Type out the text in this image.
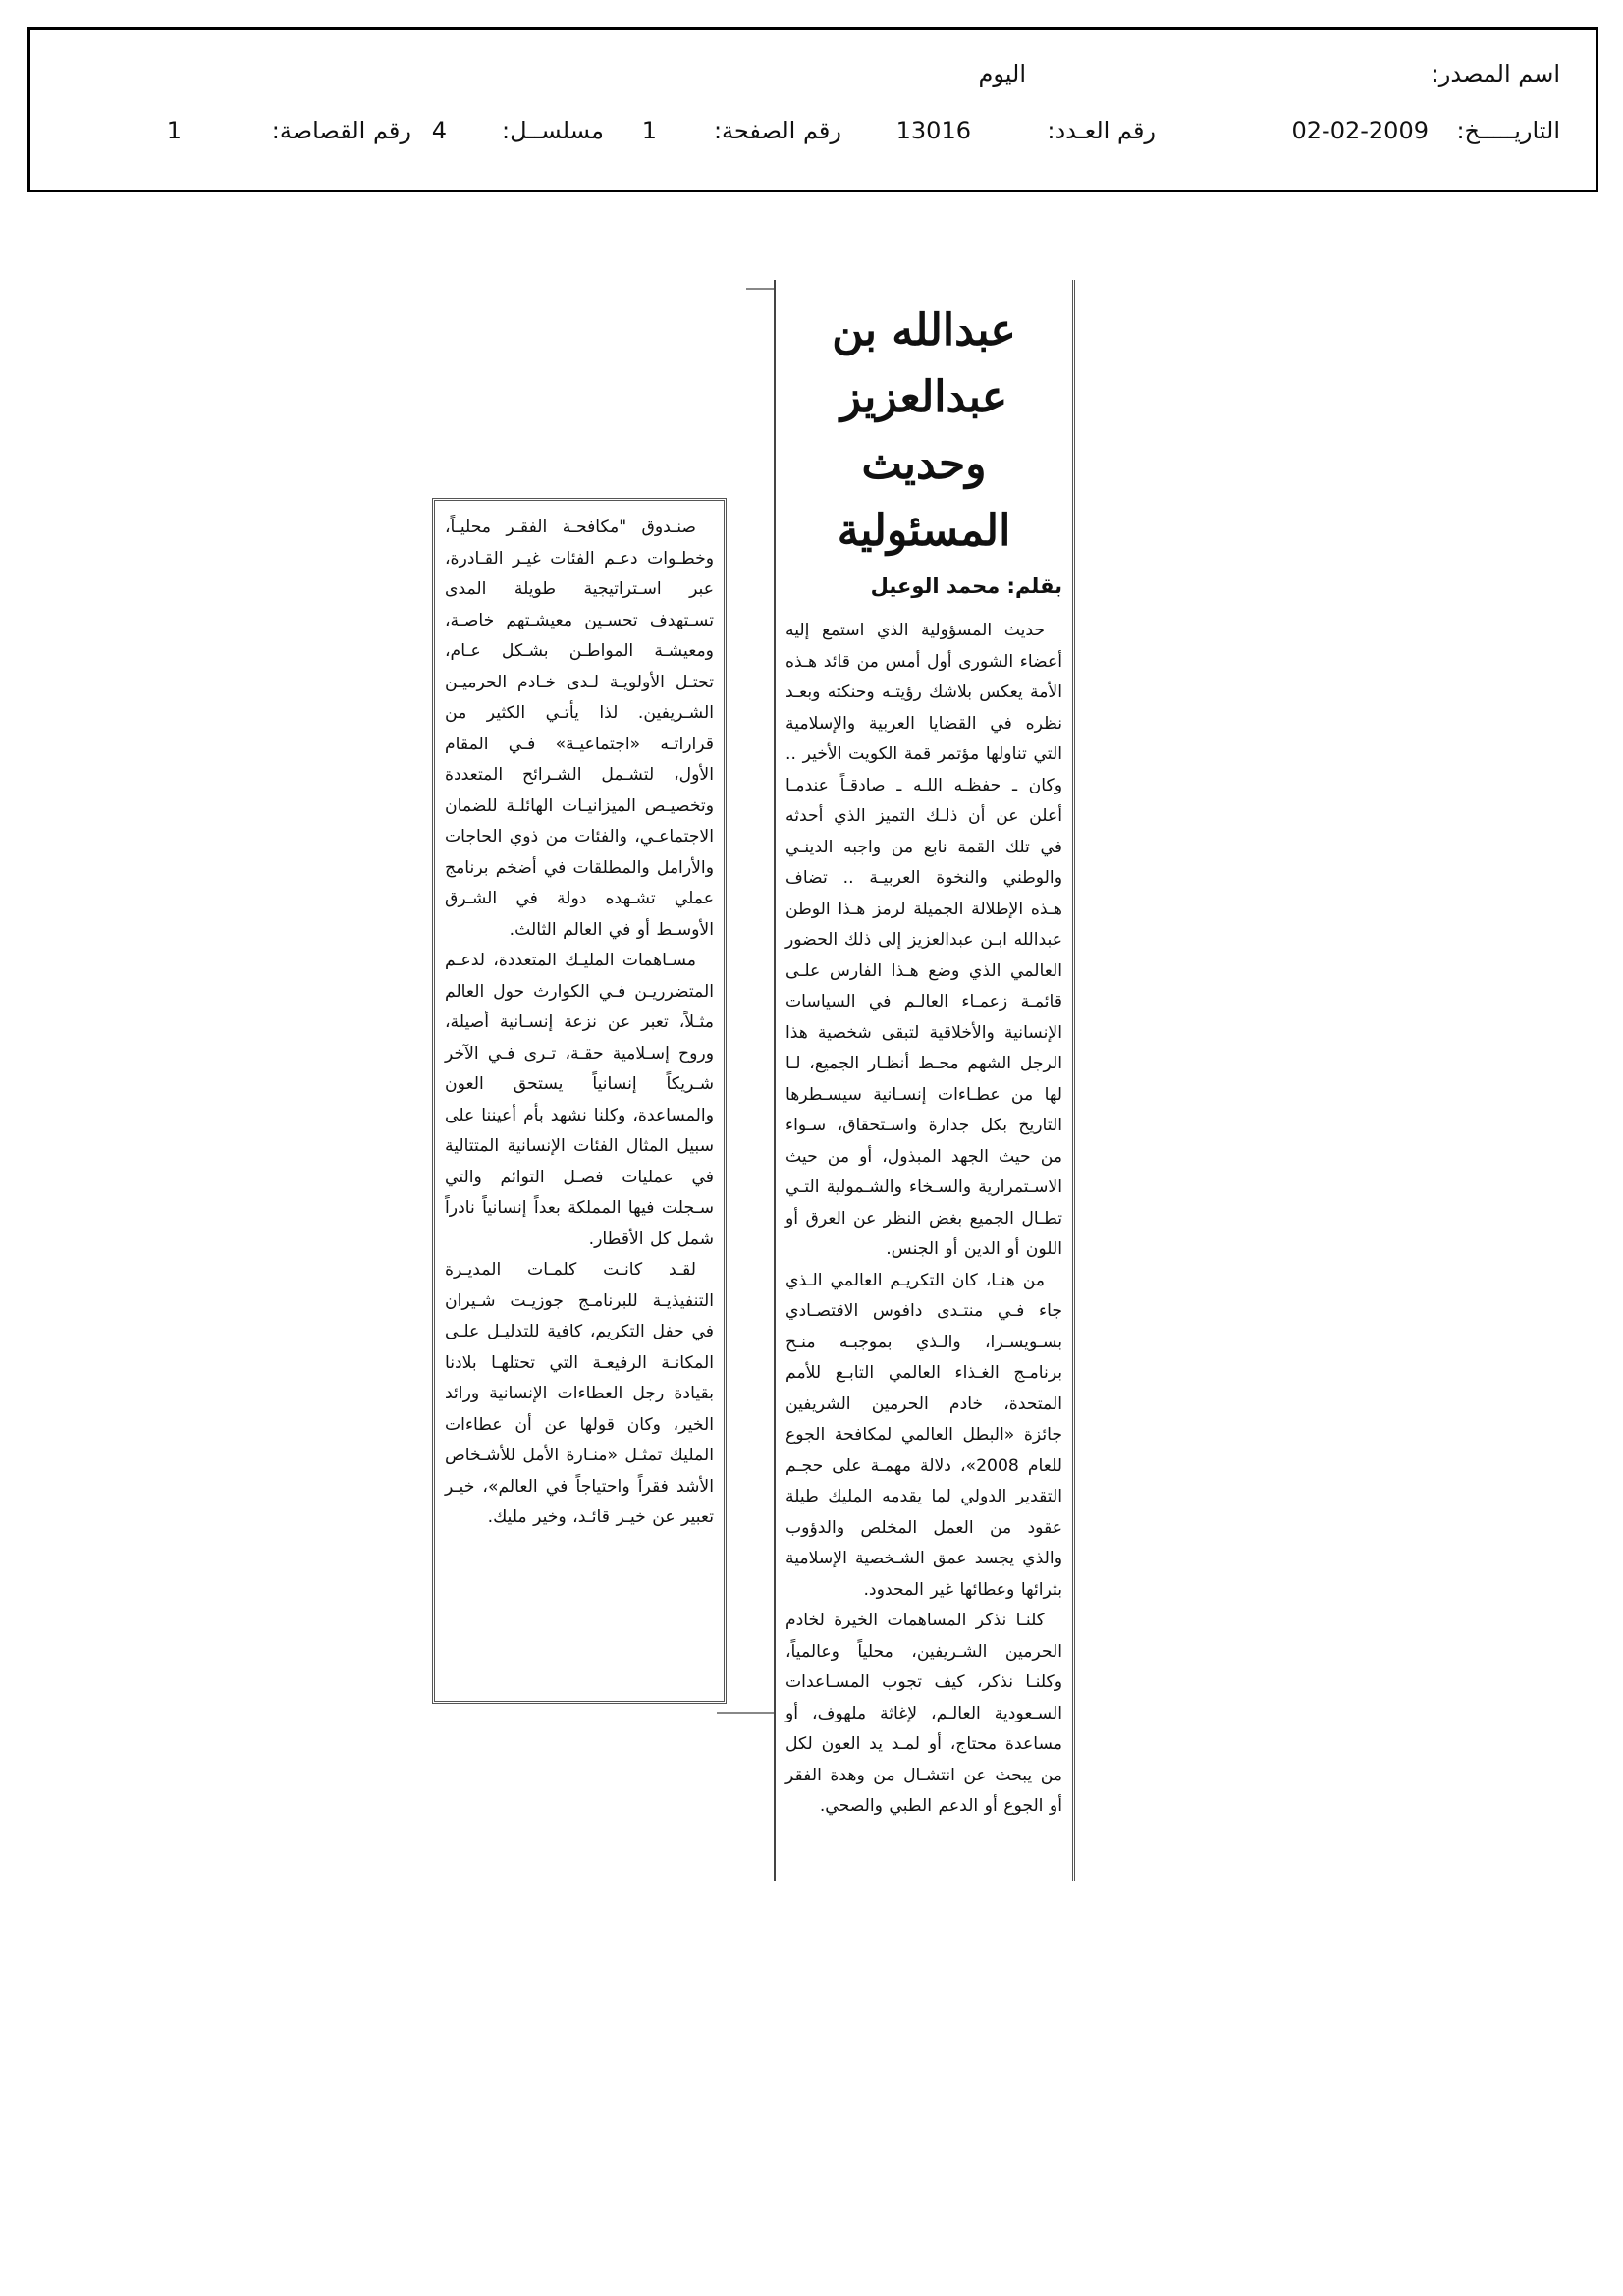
اسم المصدر:
اليوم
التاريـــــخ:
02-02-2009
رقم العـدد:
13016
رقم الصفحة:
1
مسلســل:
4
رقم القصاصة:
1
عبدالله بن عبدالعزيز
وحديث المسئولية
بقلم: محمد الوعيل

حديث المسؤولية الذي استمع إليه أعضاء الشورى أول أمس من قائد هـذه الأمة يعكس بلاشك رؤيتـه وحنكته وبعـد نظره في القضايا العربية والإسلامية التي تناولها مؤتمر قمة الكويت الأخير .. وكان ـ حفظـه اللـه ـ صادقـاً عندمـا أعلن عن أن ذلـك التميز الذي أحدثه في تلك القمة نابع من واجبه الدينـي والوطني والنخوة العربيـة .. تضاف هـذه الإطلالة الجميلة لرمز هـذا الوطن عبدالله ابـن عبدالعزيز إلى ذلك الحضور العالمي الذي وضع هـذا الفارس علـى قائمـة زعمـاء العالـم في السياسات الإنسانية والأخلاقية لتبقى شخصية هذا الرجل الشهم محـط أنظـار الجميع، لـا لها من عطـاءات إنسـانية سيسـطرها التاريخ بكل جدارة واسـتحقاق، سـواء من حيث الجهد المبذول، أو من حيث الاسـتمرارية والسـخاء والشـمولية التـي تطـال الجميع بغض النظر عن العرق أو اللون أو الدين أو الجنس.

من هنـا، كان التكريـم العالمي الـذي جاء فـي منتـدى دافوس الاقتصـادي بسـويسـرا، والـذي بموجبـه منـح برنامـج الغـذاء العالمي التابـع للأمم المتحدة، خادم الحرمين الشريفين جائزة «البطل العالمي لمكافحة الجوع للعام 2008»، دلالة مهمـة على حجـم التقدير الدولي لما يقدمه المليك طيلة عقود من العمل المخلص والدؤوب والذي يجسد عمق الشـخصية الإسلامية بثرائها وعطائها غير المحدود.

كلنـا نذكر المساهمات الخيرة لخادم الحرمين الشـريفين، محلياً وعالمياً، وكلنـا نذكر، كيف تجوب المسـاعدات السـعودية العالـم، لإغاثة ملهوف، أو مساعدة محتاج، أو لمـد يد العون لكل من يبحث عن انتشـال من وهدة الفقر أو الجوع أو الدعم الطبي والصحي.

صنـدوق "مكافحـة الفقـر محليـاً، وخطـوات دعـم الفئات غيـر القـادرة، عبر اسـتراتيجية طويلة المدى تسـتهدف تحسـين معيشـتهم خاصـة، ومعيشـة المواطـن بشـكل عـام، تحتـل الأولويـة لـدى خـادم الحرميـن الشـريفين. لذا يأتـي الكثير من قراراتـه «اجتماعيـة» فـي المقام الأول، لتشـمل الشـرائح المتعددة وتخصيـص الميزانيـات الهائلـة للضمان الاجتماعـي، والفئات من ذوي الحاجات والأرامل والمطلقات في أضخم برنامج عملي تشـهده دولة في الشـرق الأوسـط أو في العالم الثالث.

مسـاهمات المليـك المتعددة، لدعـم المتضرريـن فـي الكوارث حول العالم مثـلاً، تعبر عن نزعة إنسـانية أصيلة، وروح إسـلامية حقـة، تـرى فـي الآخر شـريكاً إنسانياً يستحق العون والمساعدة، وكلنا نشهد بأم أعيننا على سبيل المثال الفئات الإنسانية المتتالية في عمليات فصـل التوائم والتي سـجلت فيها المملكة بعداً إنسانياً نادراً شمل كل الأقطار.

لقـد كانـت كلمـات المديـرة التنفيذيـة للبرنامـج جوزيـت شـيران في حفل التكريم، كافية للتدليـل علـى المكانـة الرفيعـة التي تحتلهـا بلادنا بقيادة رجل العطاءات الإنسانية ورائد الخير، وكان قولها عن أن عطاءات المليك تمثـل «منـارة الأمل للأشـخاص الأشد فقراً واحتياجاً في العالم»، خيـر تعبير عن خيـر قائـد، وخير مليك.
